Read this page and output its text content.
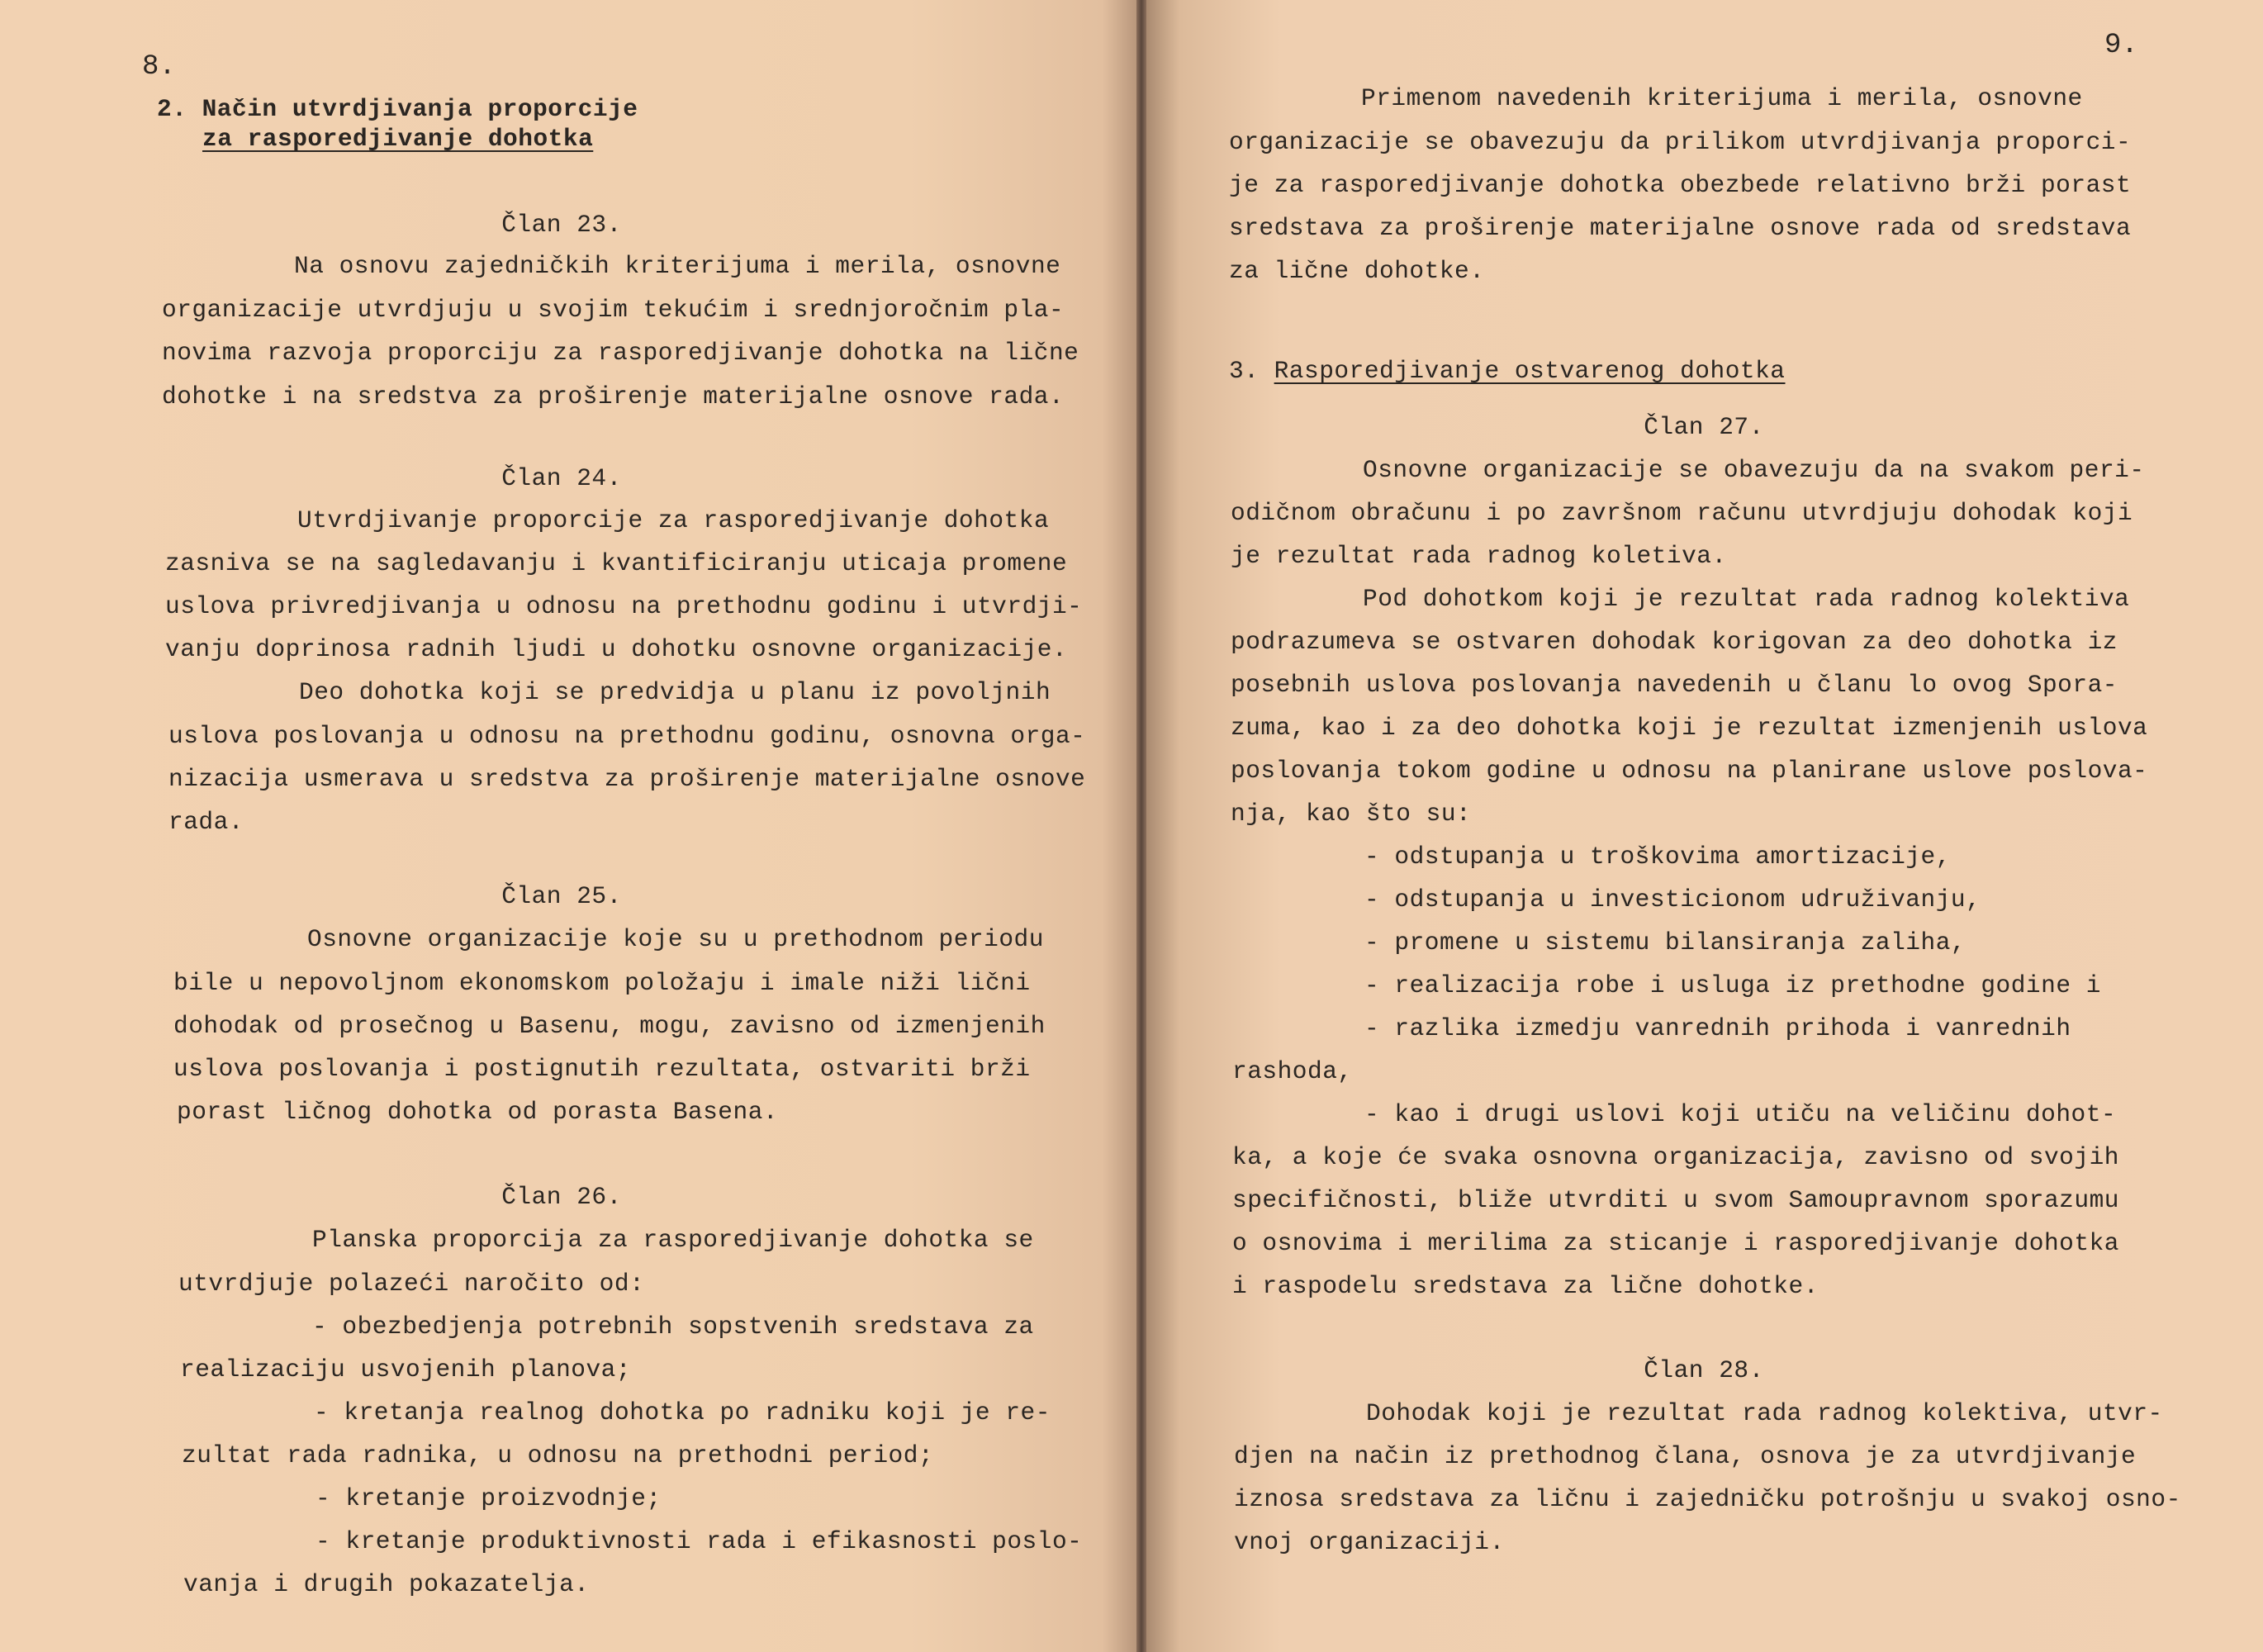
8.
2. Način utvrdjivanja proporcije
za rasporedjivanje dohotka
Član 23.
Na osnovu zajedničkih kriterijuma i merila, osnovne
organizacije utvrdjuju u svojim tekućim i srednjoročnim pla-
novima razvoja proporciju za rasporedjivanje dohotka na lične
dohotke i na sredstva za proširenje materijalne osnove rada.
Član 24.
Utvrdjivanje proporcije za rasporedjivanje dohotka
zasniva se na sagledavanju i kvantificiranju uticaja promene
uslova privredjivanja u odnosu na prethodnu godinu i utvrdji-
vanju doprinosa radnih ljudi u dohotku osnovne organizacije.
Deo dohotka koji se predvidja u planu iz povoljnih
uslova poslovanja u odnosu na prethodnu godinu, osnovna orga-
nizacija usmerava u sredstva za proširenje materijalne osnove
rada.
Član 25.
Osnovne organizacije koje su u prethodnom periodu
bile u nepovoljnom ekonomskom položaju i imale niži lični
dohodak od prosečnog u Basenu, mogu, zavisno od izmenjenih
uslova poslovanja i postignutih rezultata, ostvariti brži
porast ličnog dohotka od porasta Basena.
Član 26.
Planska proporcija za rasporedjivanje dohotka se
utvrdjuje polazeći naročito od:
- obezbedjenja potrebnih sopstvenih sredstava za
realizaciju usvojenih planova;
- kretanja realnog dohotka po radniku koji je re-
zultat rada radnika, u odnosu na prethodni period;
- kretanje proizvodnje;
- kretanje produktivnosti rada i efikasnosti poslo-
vanja i drugih pokazatelja.
9.
Primenom navedenih kriterijuma i merila, osnovne
organizacije se obavezuju da prilikom utvrdjivanja proporci-
je za rasporedjivanje dohotka obezbede relativno brži porast
sredstava za proširenje materijalne osnove rada od sredstava
za lične dohotke.
3. Rasporedjivanje ostvarenog dohotka
Član 27.
Osnovne organizacije se obavezuju da na svakom peri-
odičnom obračunu i po završnom računu utvrdjuju dohodak koji
je rezultat rada radnog koletiva.
Pod dohotkom koji je rezultat rada radnog kolektiva
podrazumeva se ostvaren dohodak korigovan za deo dohotka iz
posebnih uslova poslovanja navedenih u članu lo ovog Spora-
zuma, kao i za deo dohotka koji je rezultat izmenjenih uslova
poslovanja tokom godine u odnosu na planirane uslove poslova-
nja, kao što su:
- odstupanja u troškovima amortizacije,
- odstupanja u investicionom udruživanju,
- promene u sistemu bilansiranja zaliha,
- realizacija robe i usluga iz prethodne godine i
- razlika izmedju vanrednih prihoda i vanrednih
rashoda,
- kao i drugi uslovi koji utiču na veličinu dohot-
ka, a koje će svaka osnovna organizacija, zavisno od svojih
specifičnosti, bliže utvrditi u svom Samoupravnom sporazumu
o osnovima i merilima za sticanje i rasporedjivanje dohotka
i raspodelu sredstava za lične dohotke.
Član 28.
Dohodak koji je rezultat rada radnog kolektiva, utvr-
djen na način iz prethodnog člana, osnova je za utvrdjivanje
iznosa sredstava za ličnu i zajedničku potrošnju u svakoj osno-
vnoj organizaciji.
